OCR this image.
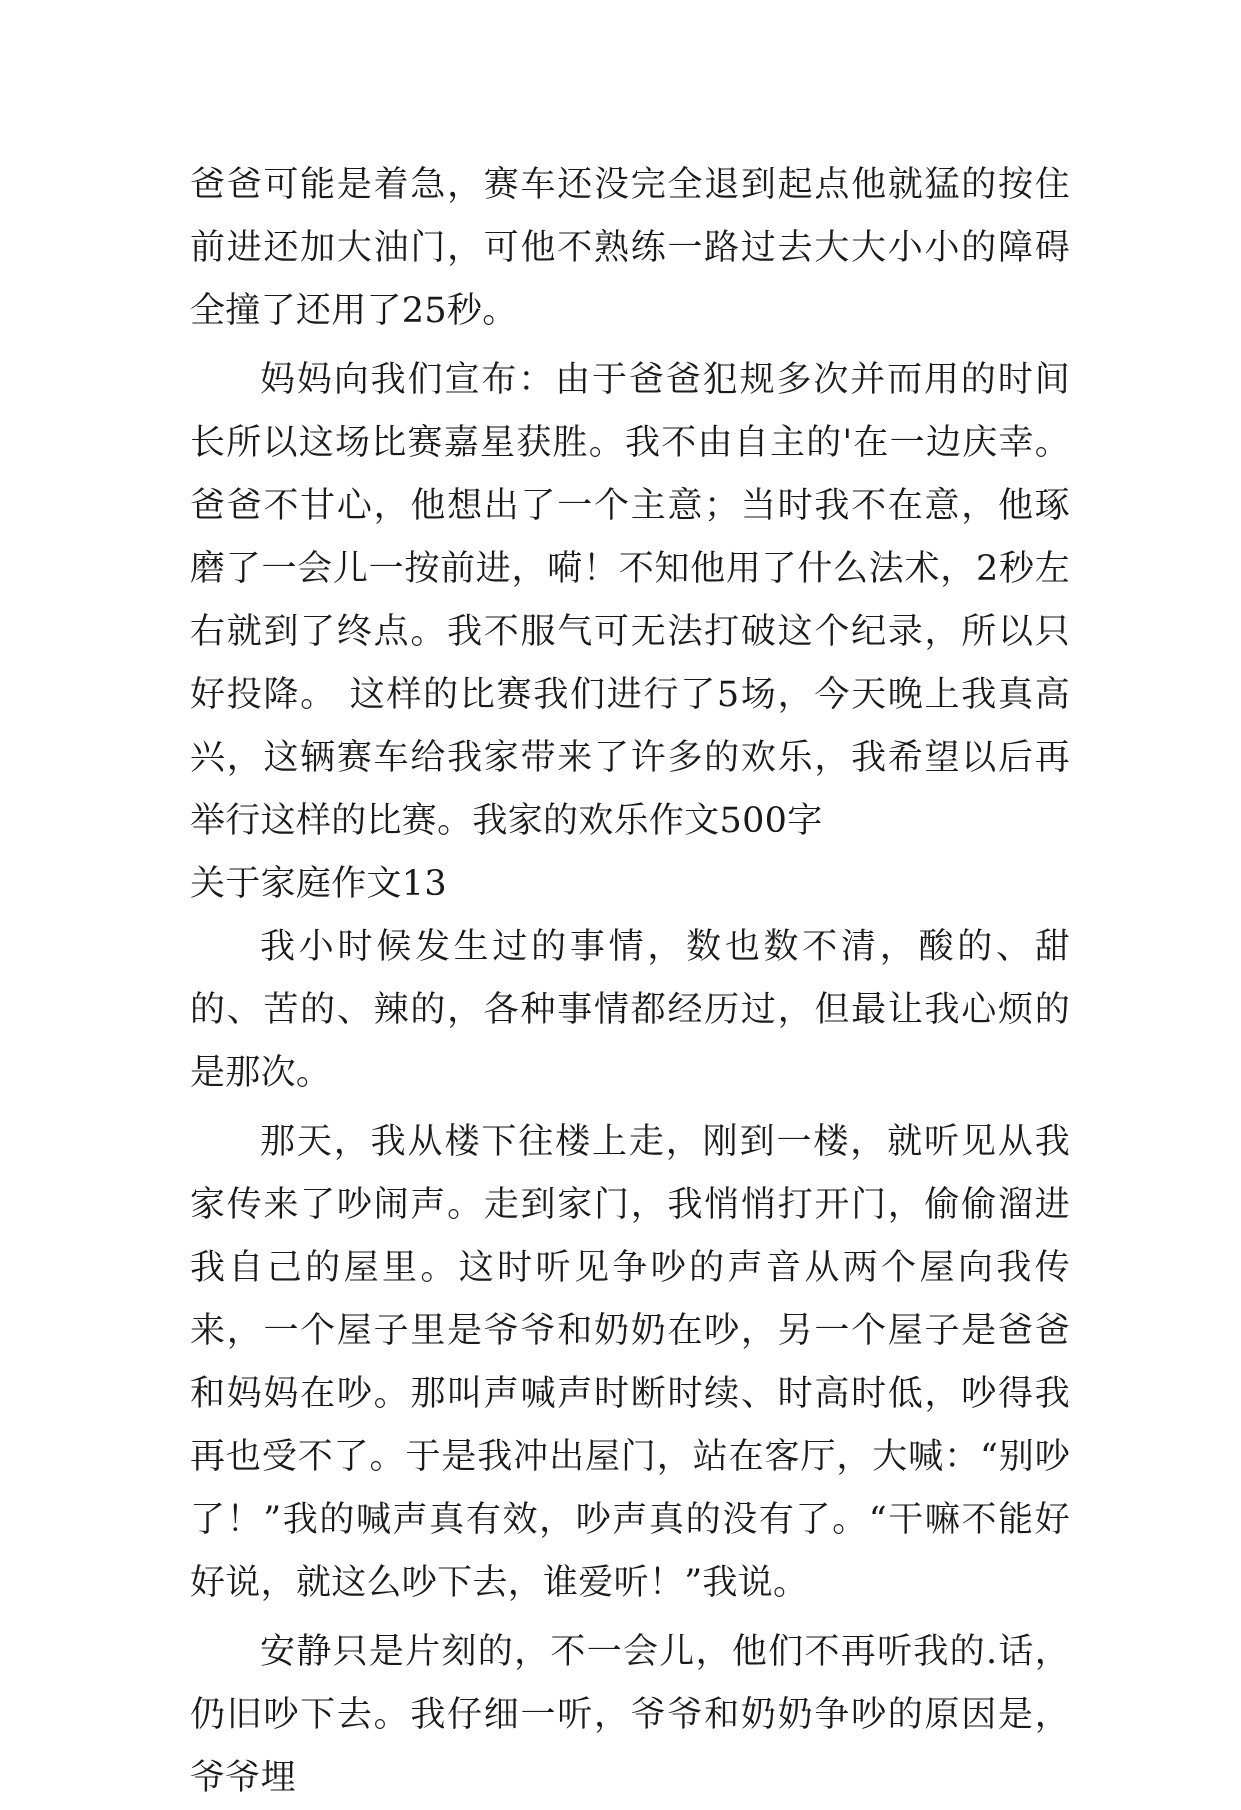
爸爸可能是着急，赛车还没完全退到起点他就猛的按住前进还加大油门，可他不熟练一路过去大大小小的障碍全撞了还用了25秒。

妈妈向我们宣布：由于爸爸犯规多次并而用的时间长所以这场比赛嘉星获胜。我不由自主的'在一边庆幸。爸爸不甘心，他想出了一个主意；当时我不在意，他琢磨了一会儿一按前进，嗬！不知他用了什么法术，2秒左右就到了终点。我不服气可无法打破这个纪录，所以只好投降。 这样的比赛我们进行了5场，今天晚上我真高兴，这辆赛车给我家带来了许多的欢乐，我希望以后再举行这样的比赛。我家的欢乐作文500字

关于家庭作文13

我小时候发生过的事情，数也数不清，酸的、甜的、苦的、辣的，各种事情都经历过，但最让我心烦的是那次。

那天，我从楼下往楼上走，刚到一楼，就听见从我家传来了吵闹声。走到家门，我悄悄打开门，偷偷溜进我自己的屋里。这时听见争吵的声音从两个屋向我传来，一个屋子里是爷爷和奶奶在吵，另一个屋子是爸爸和妈妈在吵。那叫声喊声时断时续、时高时低，吵得我再也受不了。于是我冲出屋门，站在客厅，大喊：“别吵了！”我的喊声真有效，吵声真的没有了。“干嘛不能好好说，就这么吵下去，谁爱听！”我说。

安静只是片刻的，不一会儿，他们不再听我的.话，仍旧吵下去。我仔细一听，爷爷和奶奶争吵的原因是，爷爷埋
